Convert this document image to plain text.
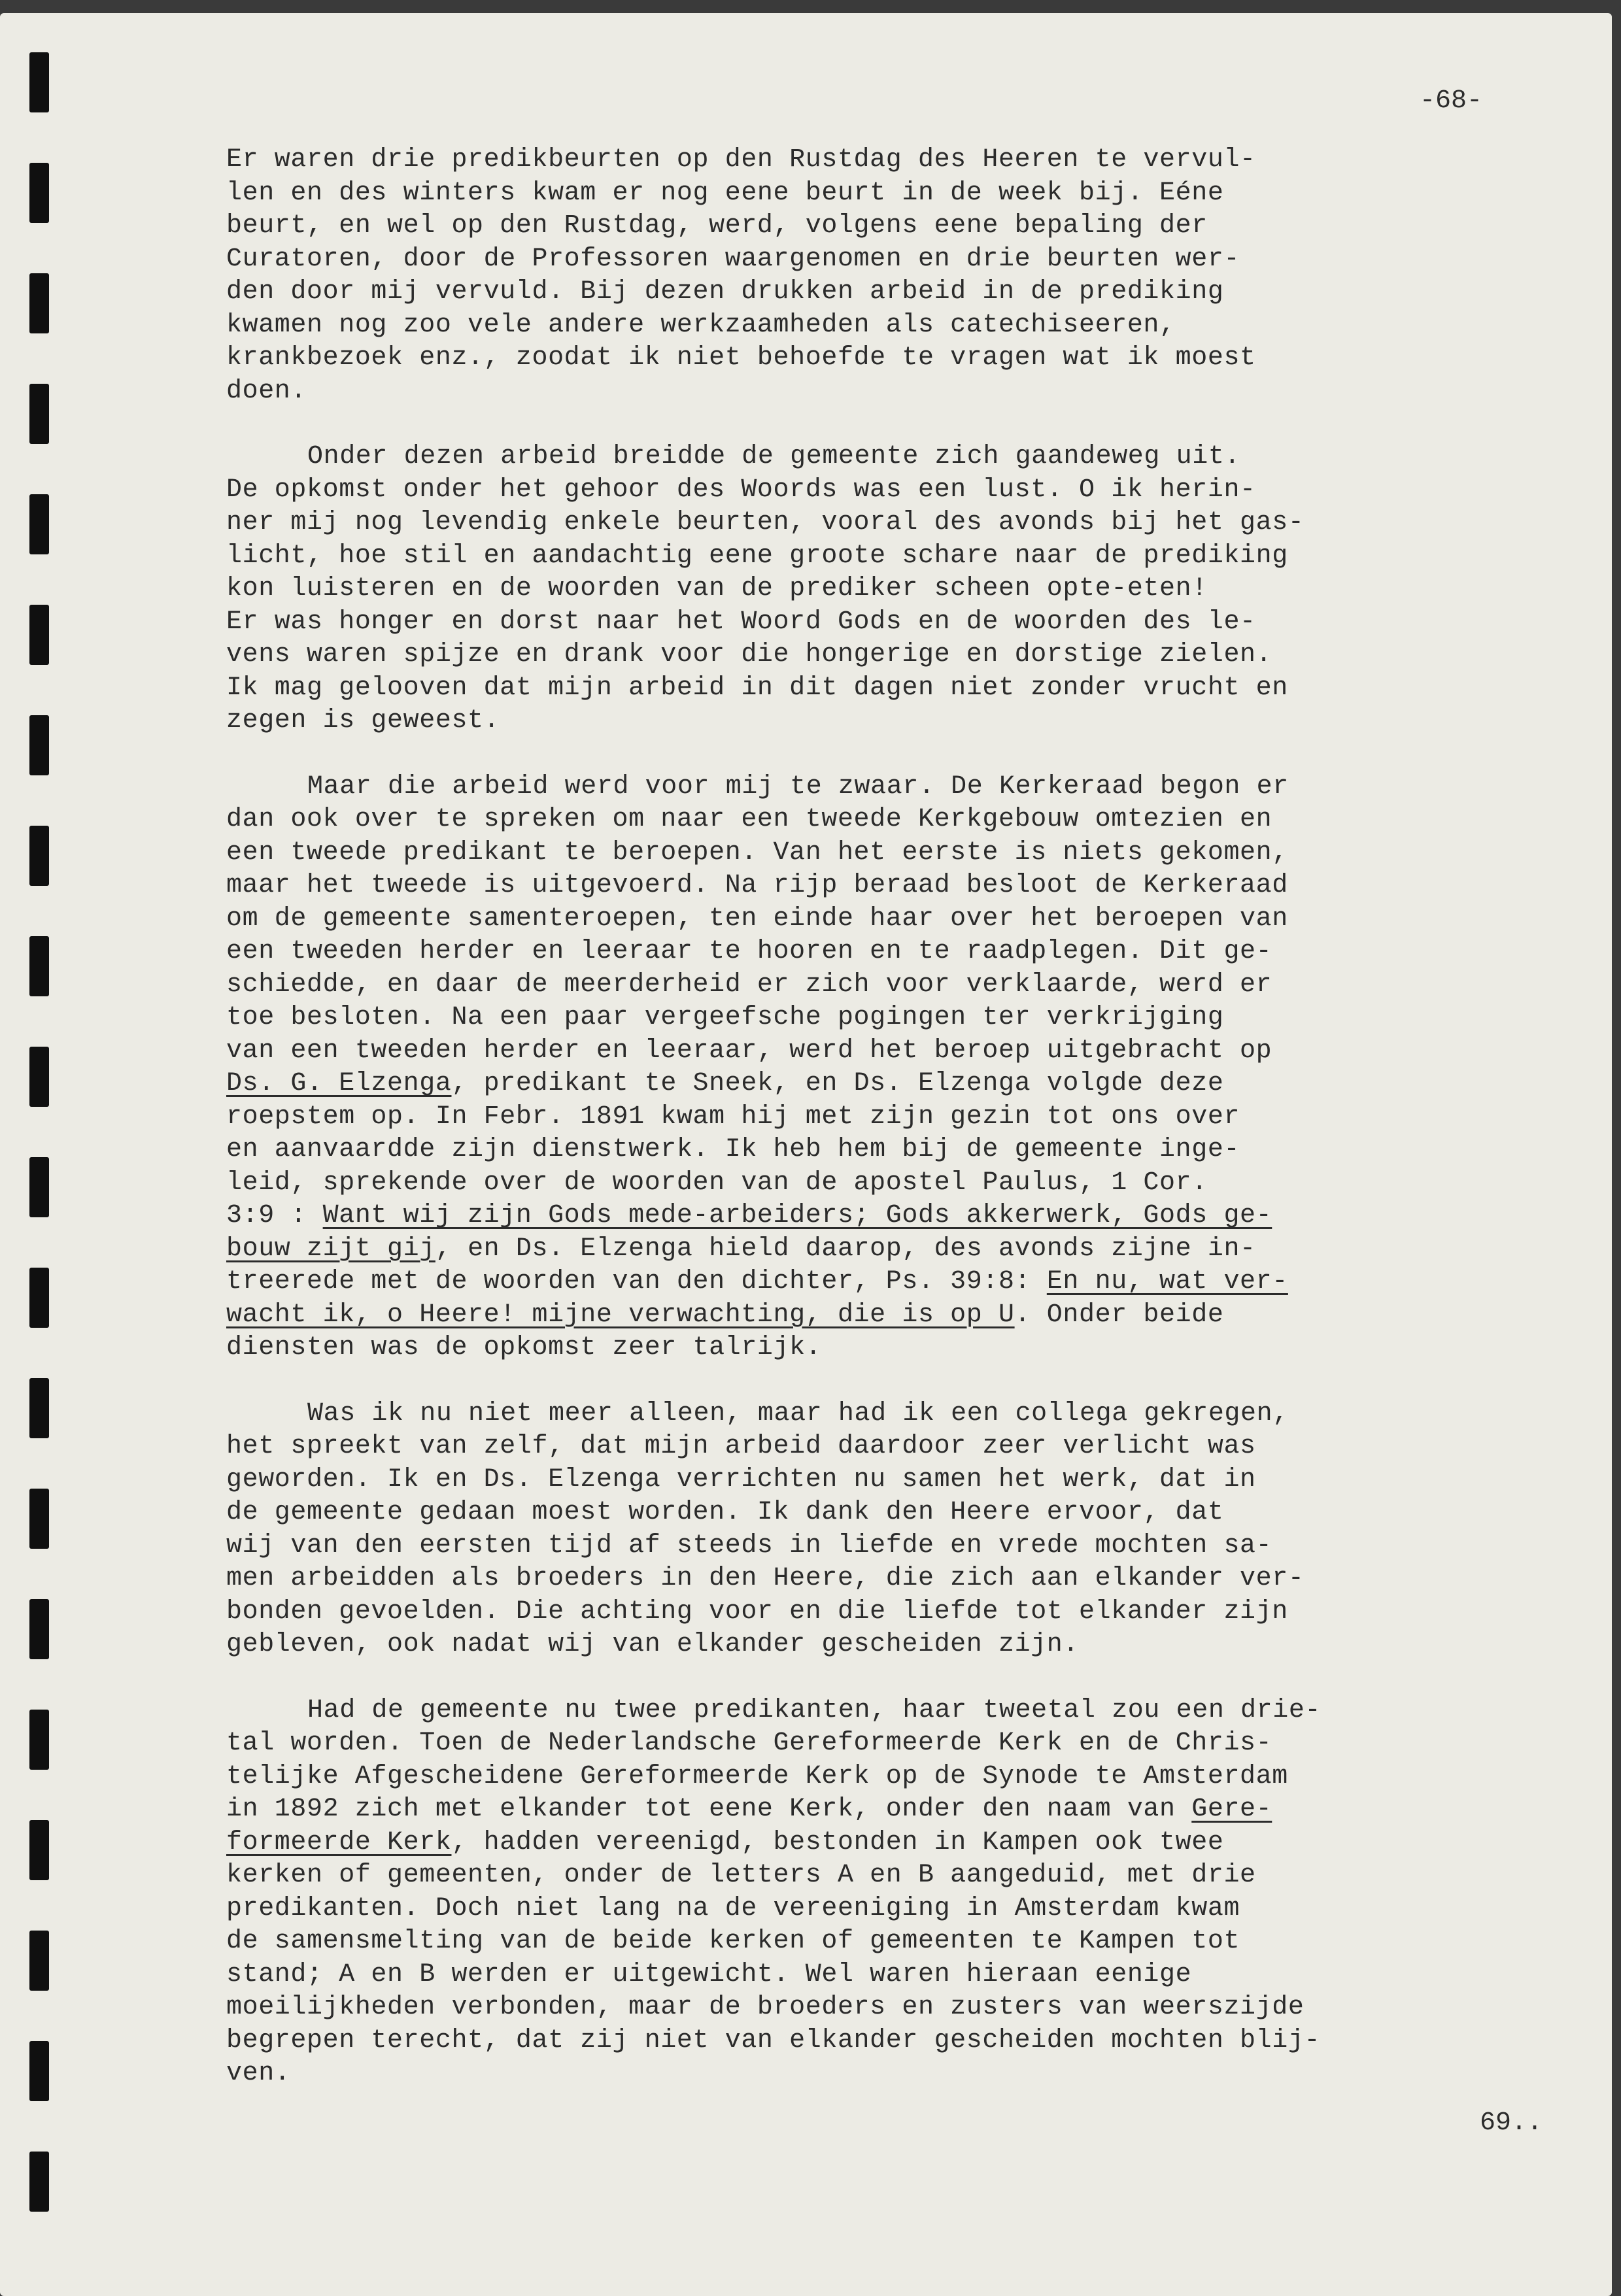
-68-
Er waren drie predikbeurten op den Rustdag des Heeren te vervul-
len en des winters kwam er nog eene beurt in de week bij. Eéne
beurt, en wel op den Rustdag, werd, volgens eene bepaling der
Curatoren, door de Professoren waargenomen en drie beurten wer-
den door mij vervuld. Bij dezen drukken arbeid in de prediking
kwamen nog zoo vele andere werkzaamheden als catechiseeren,
krankbezoek enz., zoodat ik niet behoefde te vragen wat ik moest
doen.
Onder dezen arbeid breidde de gemeente zich gaandeweg uit.
De opkomst onder het gehoor des Woords was een lust. O ik herin-
ner mij nog levendig enkele beurten, vooral des avonds bij het gas-
licht, hoe stil en aandachtig eene groote schare naar de prediking
kon luisteren en de woorden van de prediker scheen opte-eten!
Er was honger en dorst naar het Woord Gods en de woorden des le-
vens waren spijze en drank voor die hongerige en dorstige zielen.
Ik mag gelooven dat mijn arbeid in dit dagen niet zonder vrucht en
zegen is geweest.
Maar die arbeid werd voor mij te zwaar. De Kerkeraad begon er
dan ook over te spreken om naar een tweede Kerkgebouw omtezien en
een tweede predikant te beroepen. Van het eerste is niets gekomen,
maar het tweede is uitgevoerd. Na rijp beraad besloot de Kerkeraad
om de gemeente samenteroepen, ten einde haar over het beroepen van
een tweeden herder en leeraar te hooren en te raadplegen. Dit ge-
schiedde, en daar de meerderheid er zich voor verklaarde, werd er
toe besloten. Na een paar vergeefsche pogingen ter verkrijging
van een tweeden herder en leeraar, werd het beroep uitgebracht op
Ds. G. Elzenga, predikant te Sneek, en Ds. Elzenga volgde deze
roepstem op. In Febr. 1891 kwam hij met zijn gezin tot ons over
en aanvaardde zijn dienstwerk. Ik heb hem bij de gemeente inge-
leid, sprekende over de woorden van de apostel Paulus, 1 Cor.
3:9 : Want wij zijn Gods mede-arbeiders; Gods akkerwerk, Gods ge-
bouw zijt gij, en Ds. Elzenga hield daarop, des avonds zijne in-
treerede met de woorden van den dichter, Ps. 39:8: En nu, wat ver-
wacht ik, o Heere! mijne verwachting, die is op U. Onder beide
diensten was de opkomst zeer talrijk.
Was ik nu niet meer alleen, maar had ik een collega gekregen,
het spreekt van zelf, dat mijn arbeid daardoor zeer verlicht was
geworden. Ik en Ds. Elzenga verrichten nu samen het werk, dat in
de gemeente gedaan moest worden. Ik dank den Heere ervoor, dat
wij van den eersten tijd af steeds in liefde en vrede mochten sa-
men arbeidden als broeders in den Heere, die zich aan elkander ver-
bonden gevoelden. Die achting voor en die liefde tot elkander zijn
gebleven, ook nadat wij van elkander gescheiden zijn.
Had de gemeente nu twee predikanten, haar tweetal zou een drie-
tal worden. Toen de Nederlandsche Gereformeerde Kerk en de Chris-
telijke Afgescheidene Gereformeerde Kerk op de Synode te Amsterdam
in 1892 zich met elkander tot eene Kerk, onder den naam van Gere-
formeerde Kerk, hadden vereenigd, bestonden in Kampen ook twee
kerken of gemeenten, onder de letters A en B aangeduid, met drie
predikanten. Doch niet lang na de vereeniging in Amsterdam kwam
de samensmelting van de beide kerken of gemeenten te Kampen tot
stand; A en B werden er uitgewicht. Wel waren hieraan eenige
moeilijkheden verbonden, maar de broeders en zusters van weerszijde
begrepen terecht, dat zij niet van elkander gescheiden mochten blij-
ven.
69..
